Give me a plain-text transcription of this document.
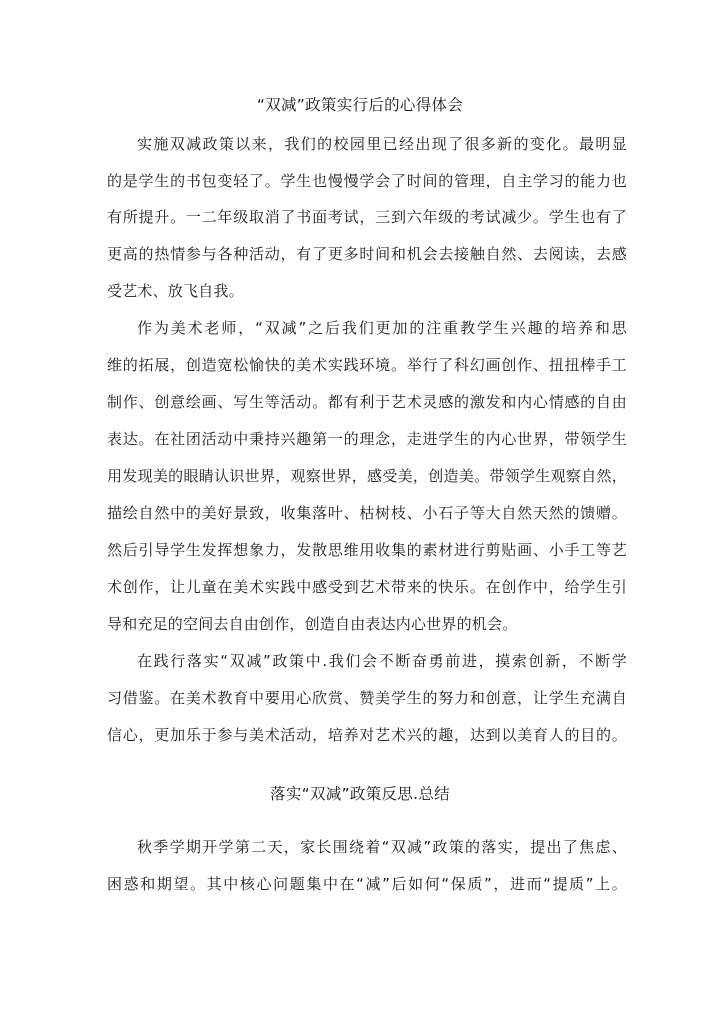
“双减”政策实行后的心得体会
实施双减政策以来，我们的校园里已经出现了很多新的变化。最明显
的是学生的书包变轻了。学生也慢慢学会了时间的管理，自主学习的能力也
有所提升。一二年级取消了书面考试，三到六年级的考试减少。学生也有了
更高的热情参与各种活动，有了更多时间和机会去接触自然、去阅读，去感
受艺术、放飞自我。
作为美术老师，“双减”之后我们更加的注重教学生兴趣的培养和思
维的拓展，创造宽松愉快的美术实践环境。举行了科幻画创作、扭扭棒手工
制作、创意绘画、写生等活动。都有利于艺术灵感的激发和内心情感的自由
表达。在社团活动中秉持兴趣第一的理念，走进学生的内心世界，带领学生
用发现美的眼睛认识世界，观察世界，感受美，创造美。带领学生观察自然，
描绘自然中的美好景致，收集落叶、枯树枝、小石子等大自然天然的馈赠。
然后引导学生发挥想象力，发散思维用收集的素材进行剪贴画、小手工等艺
术创作，让儿童在美术实践中感受到艺术带来的快乐。在创作中，给学生引
导和充足的空间去自由创作，创造自由表达内心世界的机会。
在践行落实“双减”政策中.我们会不断奋勇前进，摸索创新，不断学
习借鉴。在美术教育中要用心欣赏、赞美学生的努力和创意，让学生充满自
信心，更加乐于参与美术活动，培养对艺术兴的趣，达到以美育人的目的。
落实“双减”政策反思.总结
秋季学期开学第二天，家长围绕着“双减”政策的落实，提出了焦虑、
困惑和期望。其中核心问题集中在“减”后如何“保质”，进而“提质”上。
